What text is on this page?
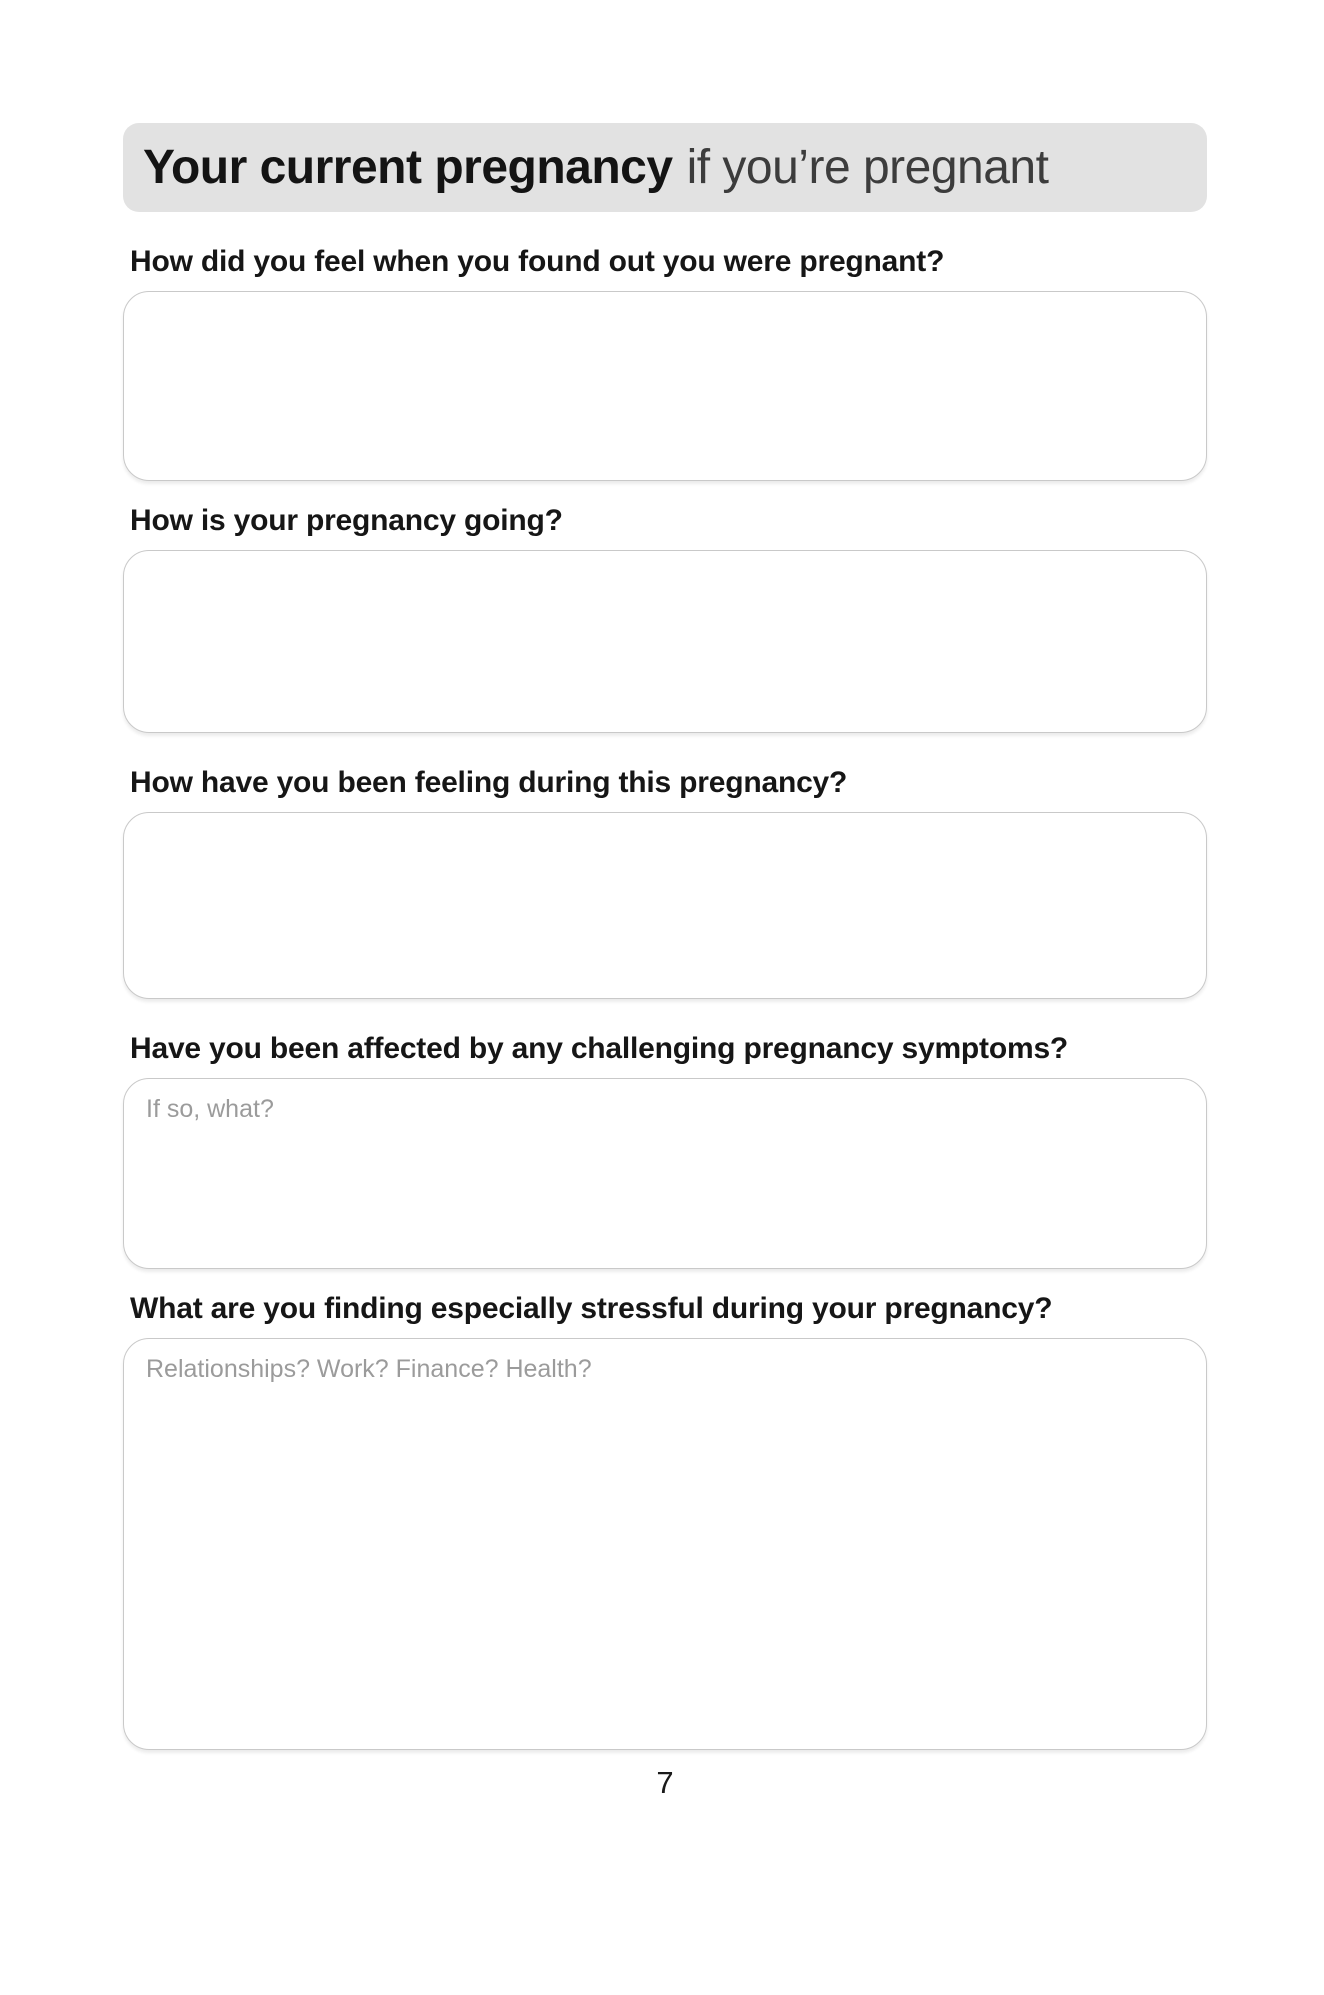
Your current pregnancy if you’re pregnant
How did you feel when you found out you were pregnant?
How is your pregnancy going?
How have you been feeling during this pregnancy?
Have you been affected by any challenging pregnancy symptoms?
If so, what?
What are you finding especially stressful during your pregnancy?
Relationships? Work? Finance? Health?
7
